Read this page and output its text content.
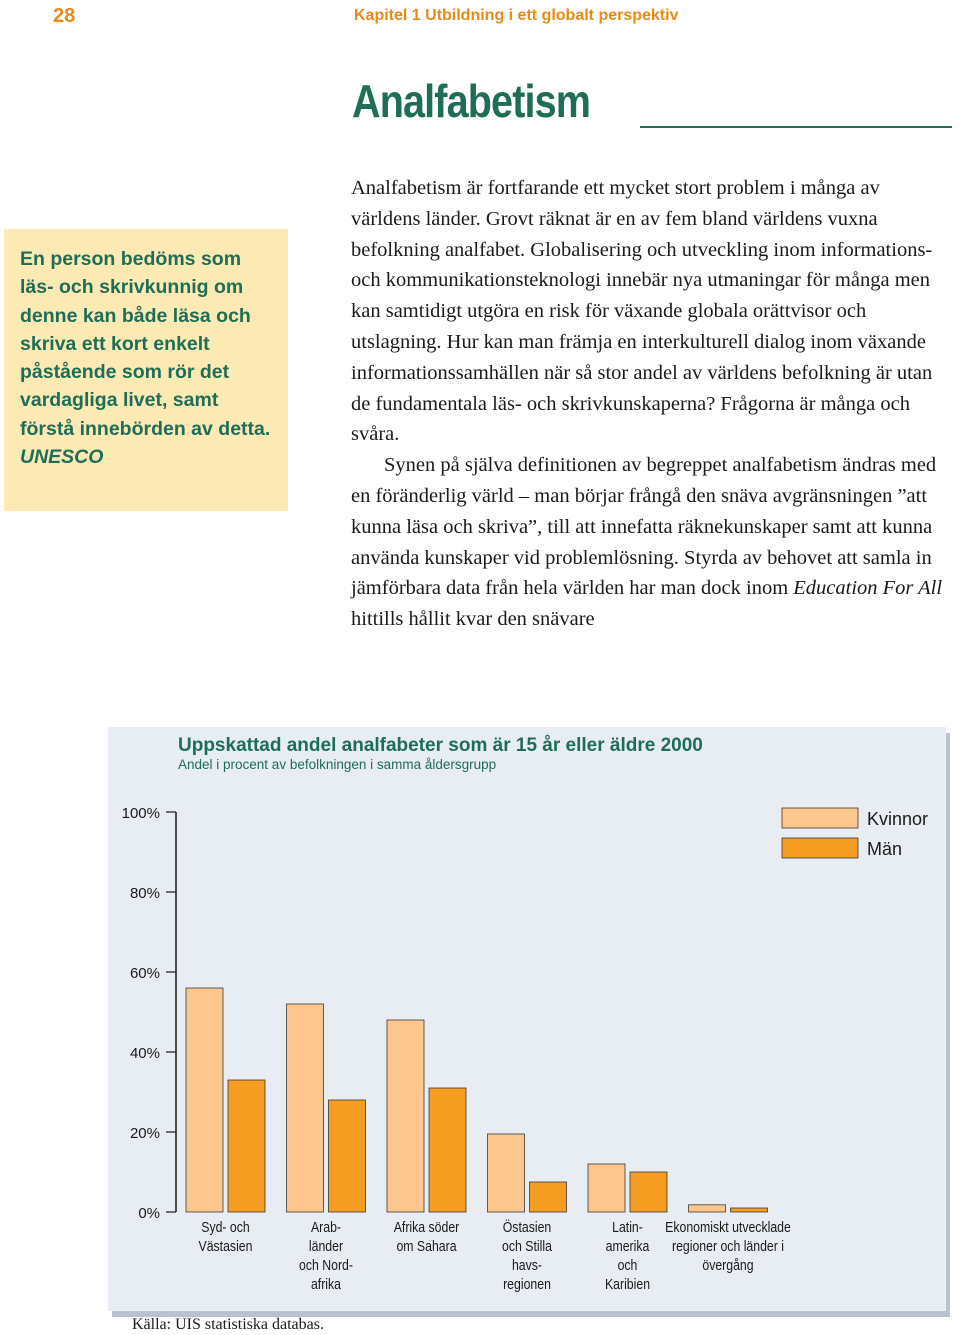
28	Kapitel 1 Utbildning i ett globalt perspektiv
Analfabetism

En person bedöms som läs- och skrivkunnig om denne kan både läsa och skriva ett kort enkelt påstående som rör det vardagliga livet, samt förstå innebörden av detta.
UNESCO

Analfabetism är fortfarande ett mycket stort problem i många av världens länder. Grovt räknat är en av fem bland världens vuxna befolkning analfabet. Globalisering och utveckling inom informations- och kommunikationsteknologi innebär nya utmaningar för många men kan samtidigt utgöra en risk för växande globala orättvisor och utslagning. Hur kan man främja en interkulturell dialog inom växande informationssamhällen när så stor andel av världens befolkning är utan de fundamentala läs- och skrivkunskaperna? Frågorna är många och svåra.

Synen på själva definitionen av begreppet analfabetism ändras med en föränderlig värld – man börjar frångå den snäva avgränsningen ”att kunna läsa och skriva”, till att innefatta räknekunskaper samt att kunna använda kunskaper vid problemlösning. Styrda av behovet att samla in jämförbara data från hela världen har man dock inom Education For All hittills hållit kvar den snävare

Uppskattad andel analfabeter som är 15 år eller äldre 2000
Andel i procent av befolkningen i samma åldersgrupp
0%
20%
40%
60%
80%
100%
Syd- och Västasien
Arab-länder och Nord-afrika
Afrika söder om Sahara
Östasien och Stilla havs-regionen
Latin-amerika och Karibien
Ekonomiskt utvecklade regioner och länder i övergång
Kvinnor
Män
Källa: UIS statistiska databas.
